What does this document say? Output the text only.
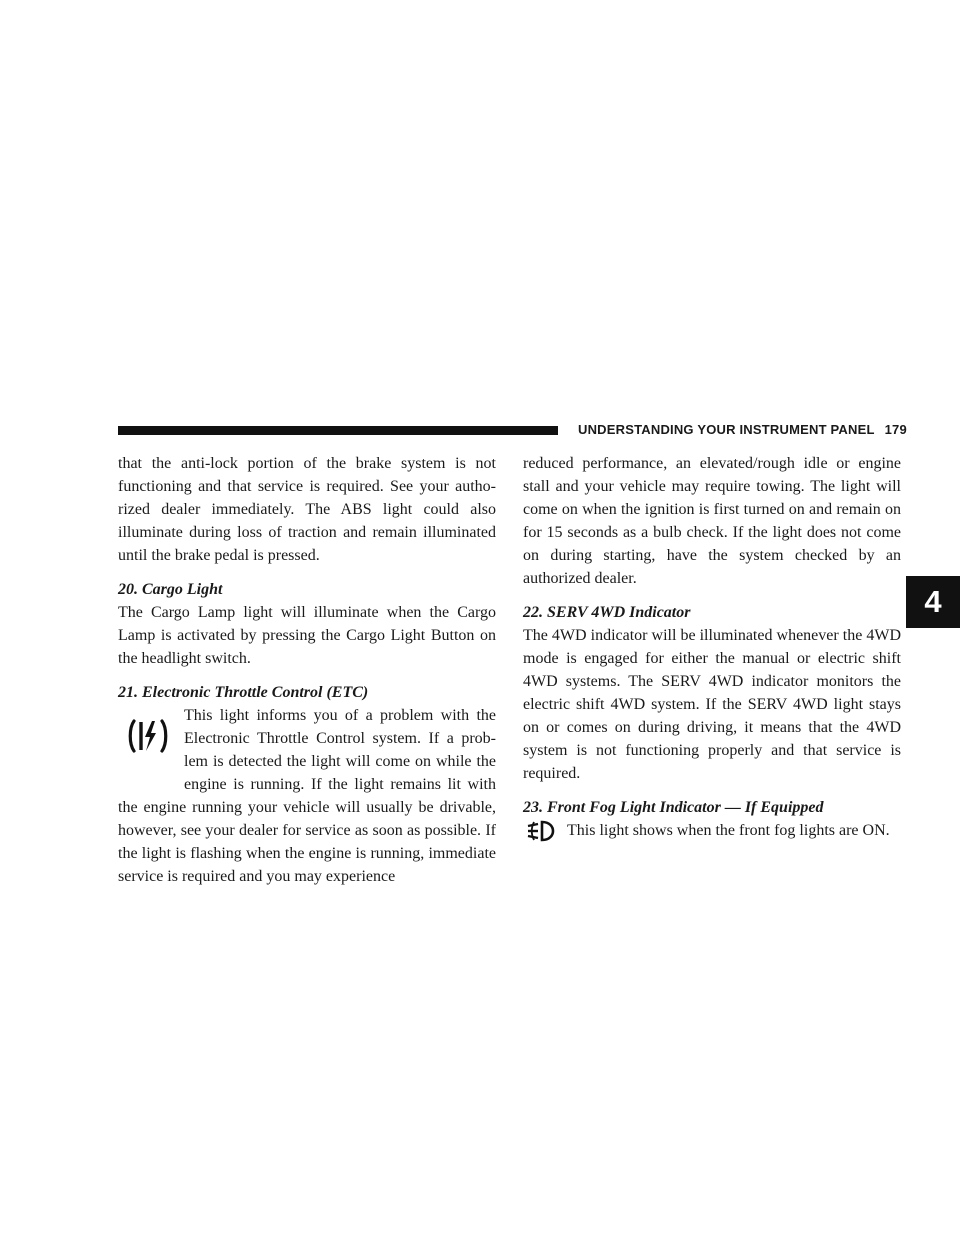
UNDERSTANDING YOUR INSTRUMENT PANEL 179
4

that the anti-lock portion of the brake system is not functioning and that service is required. See your autho-rized dealer immediately. The ABS light could also illuminate during loss of traction and remain illuminated until the brake pedal is pressed.

20. Cargo Light
The Cargo Lamp light will illuminate when the Cargo Lamp is activated by pressing the Cargo Light Button on the headlight switch.

21. Electronic Throttle Control (ETC)
This light informs you of a problem with the Electronic Throttle Control system. If a prob-lem is detected the light will come on while the engine is running. If the light remains lit with the engine running your vehicle will usually be drivable, however, see your dealer for service as soon as possible. If the light is flashing when the engine is running, immediate service is required and you may experience

reduced performance, an elevated/rough idle or engine stall and your vehicle may require towing. The light will come on when the ignition is first turned on and remain on for 15 seconds as a bulb check. If the light does not come on during starting, have the system checked by an authorized dealer.

22. SERV 4WD Indicator
The 4WD indicator will be illuminated whenever the 4WD mode is engaged for either the manual or electric shift 4WD systems. The SERV 4WD indicator monitors the electric shift 4WD system. If the SERV 4WD light stays on or comes on during driving, it means that the 4WD system is not functioning properly and that service is required.

23. Front Fog Light Indicator — If Equipped
This light shows when the front fog lights are ON.
